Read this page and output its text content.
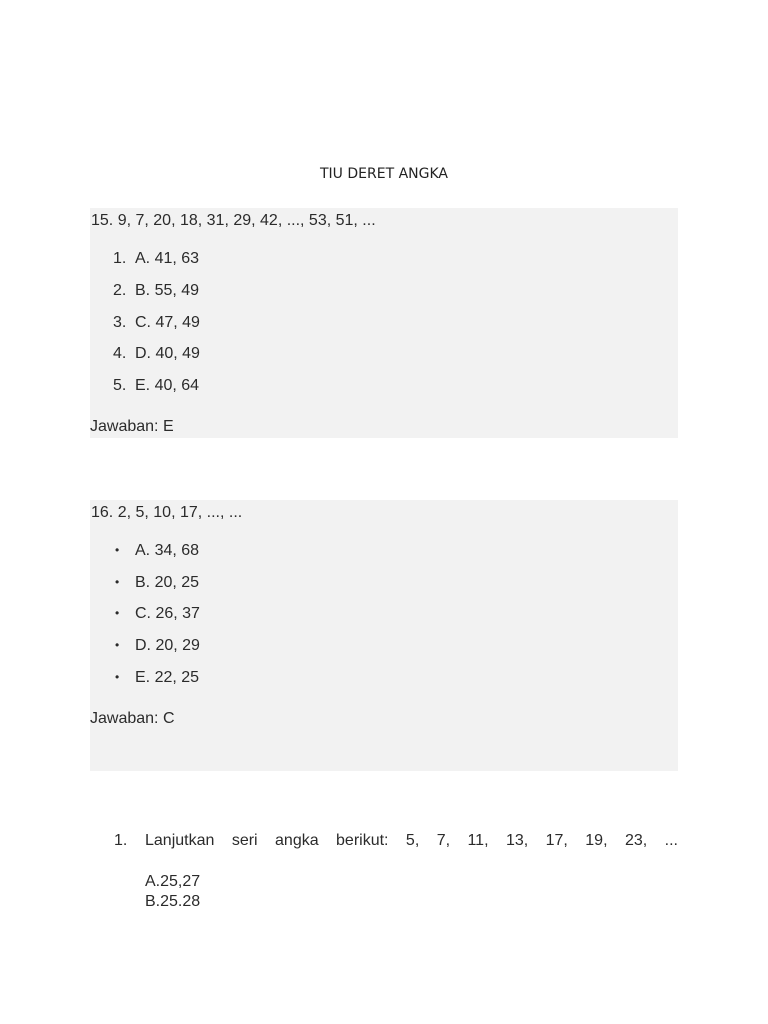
TIU DERET ANGKA
15. 9, 7, 20, 18, 31, 29, 42, ..., 53, 51, ...
1. A. 41, 63
2. B. 55, 49
3. C. 47, 49
4. D. 40, 49
5. E. 40, 64
Jawaban: E
16. 2, 5, 10, 17, ..., ...
• A. 34, 68
• B. 20, 25
• C. 26, 37
• D. 20, 29
• E. 22, 25
Jawaban: C
1. Lanjutkan seri angka berikut: 5, 7, 11, 13, 17, 19, 23, ...
A.25,27
B.25.28
